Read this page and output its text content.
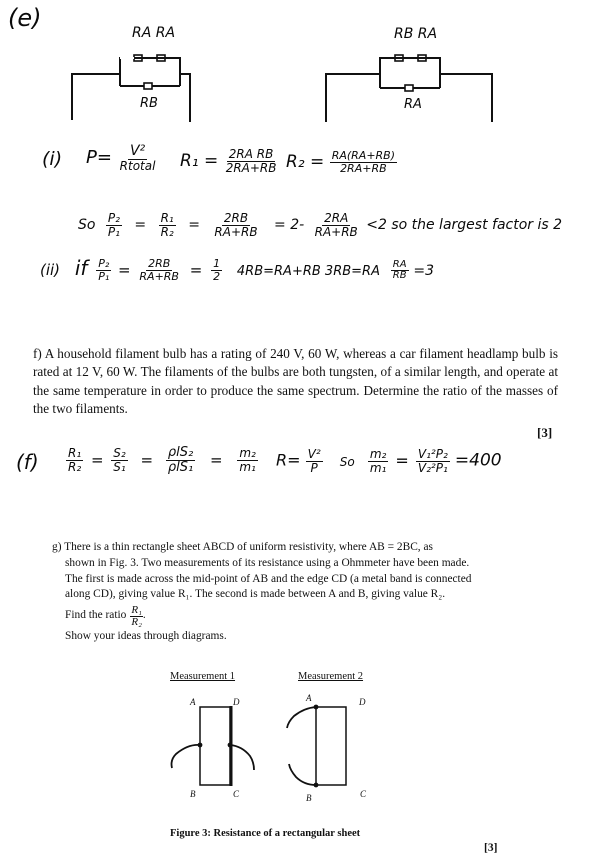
(e)
RA RA
RB
RB RA
RA
(i) $P= \frac{\text{V²}}{\text{Rtotal}} R_1 = \frac{\text{2RA RB}}{2RA+RB} R_2 = \frac{RA(RA+RB)}{2RA+RB}$
So $\frac{\text{P₂}}{\text{P₁}} = \frac{\text{R₁}}{\text{R₂}} = \frac{2RB}{RA+RB} = 2- \frac{2RA}{RA+RB} <2$ so the largest factor is 2
(ii) if $\frac{\text{P₂}}{\text{P₁}} = \frac{2RB}{RA+RB} = \frac{1}{2} 4RB=RA+RB$ $3RB=RA \frac{RA}{RB} =3$
f) A household filament bulb has a rating of 240 V, 60 W, whereas a car filament headlamp bulb is rated at 12 V, 60 W. The filaments of the bulbs are both tungsten, of a similar length, and operate at the same temperature in order to produce the same spectrum. Determine the ratio of the masses of the two filaments.
[3]
$(f) \frac{\text{R₁}}{\text{R₂}} = \frac{\text{S₂}}{\text{S₁}} = \frac{\text{ρlS₂}}{\text{ρlS₁}} = \frac{\text{m₂}}{\text{m₁}} R= \frac{\text{V²}}{P}$ So $\frac{\text{m₂}}{\text{m₁}} = \frac{\text{V₁²P₂}}{\text{V₂²P₁}} =400$
g) There is a thin rectangle sheet ABCD of uniform resistivity, where AB = 2BC, as
shown in Fig. 3. Two measurements of its resistance using a Ohmmeter have been made.
The first is made across the mid-point of AB and the edge CD (a metal band is connected
along CD), giving value R₁. The second is made between A and B, giving value R₂.
Find the ratio $\frac{\text{R₁}}{\text{R₂}}$ .
Show your ideas through diagrams.
Measurement 1	Measurement 2
A	D
B	C
A	D
B	C
Figure 3: Resistance of a rectangular sheet
[3]
